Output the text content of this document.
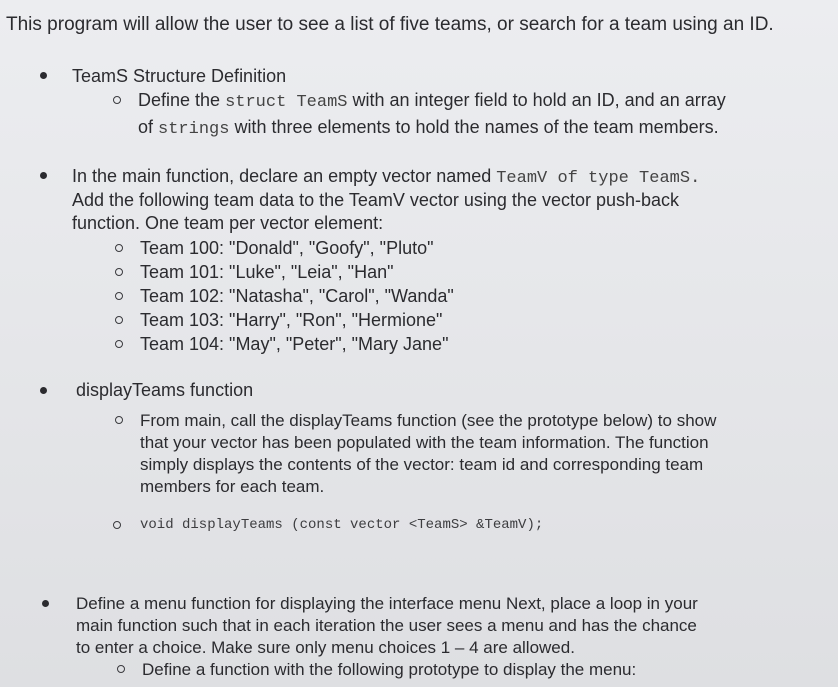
This program will allow the user to see a list of five teams, or search for a team using an ID.
TeamS Structure Definition
Define the struct TeamS with an integer field to hold an ID, and an array
of strings with three elements to hold the names of the team members.
In the main function, declare an empty vector named TeamV of type TeamS.
Add the following team data to the TeamV vector using the vector push-back
function. One team per vector element:
Team 100: "Donald", "Goofy", "Pluto"
Team 101: "Luke", "Leia", "Han"
Team 102: "Natasha", "Carol", "Wanda"
Team 103: "Harry", "Ron", "Hermione"
Team 104: "May", "Peter", "Mary Jane"
displayTeams function
From main, call the displayTeams function (see the prototype below) to show
that your vector has been populated with the team information. The function
simply displays the contents of the vector: team id and corresponding team
members for each team.
void displayTeams (const vector <TeamS> &TeamV);
Define a menu function for displaying the interface menu Next, place a loop in your
main function such that in each iteration the user sees a menu and has the chance
to enter a choice. Make sure only menu choices 1 – 4 are allowed.
Define a function with the following prototype to display the menu:
